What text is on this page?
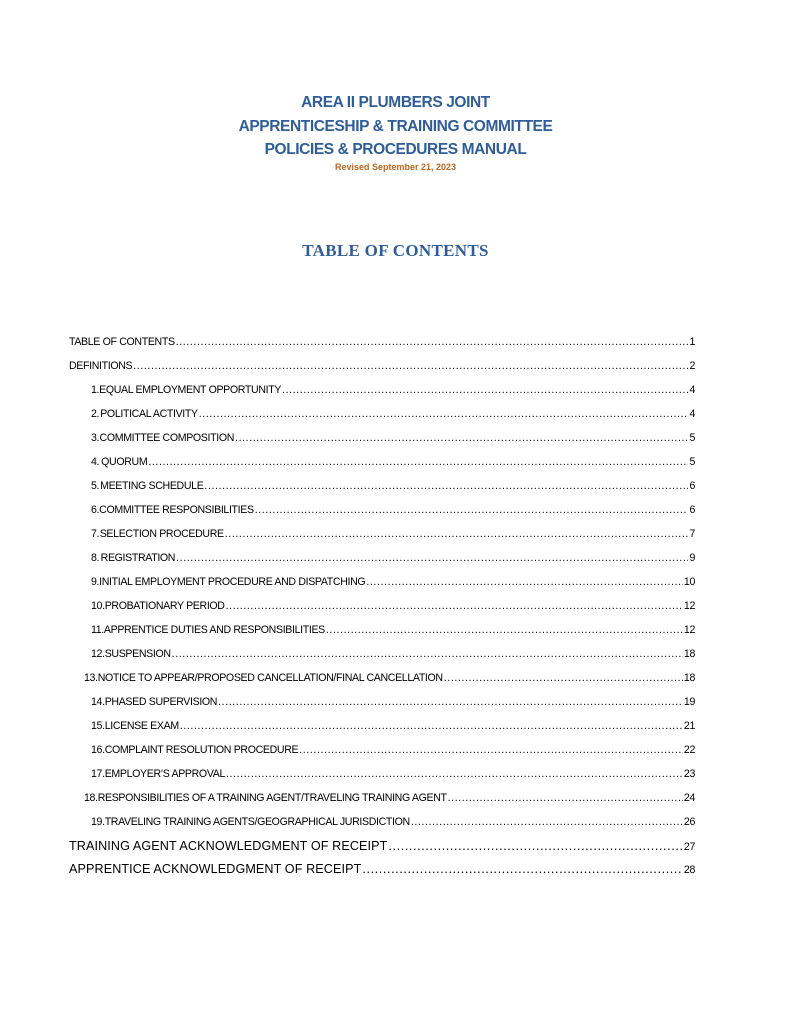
AREA II PLUMBERS JOINT
APPRENTICESHIP & TRAINING COMMITTEE
POLICIES & PROCEDURES MANUAL
Revised September 21, 2023
TABLE OF CONTENTS
TABLE OF CONTENTS .....	1
DEFINITIONS .....	2
1. EQUAL EMPLOYMENT OPPORTUNITY .....	4
2. POLITICAL ACTIVITY .....	4
3. COMMITTEE COMPOSITION .....	5
4. QUORUM .....	5
5. MEETING SCHEDULE .....	6
6. COMMITTEE RESPONSIBILITIES .....	6
7. SELECTION PROCEDURE .....	7
8. REGISTRATION .....	9
9. INITIAL EMPLOYMENT PROCEDURE AND DISPATCHING .....	10
10. PROBATIONARY PERIOD .....	12
11. APPRENTICE DUTIES AND RESPONSIBILITIES .....	12
12. SUSPENSION .....	18
13. NOTICE TO APPEAR/PROPOSED CANCELLATION/FINAL CANCELLATION .....	18
14. PHASED SUPERVISION .....	19
15. LICENSE EXAM .....	21
16. COMPLAINT RESOLUTION PROCEDURE .....	22
17. EMPLOYER’S APPROVAL .....	23
18. RESPONSIBILITIES OF A TRAINING AGENT/TRAVELING TRAINING AGENT .....	24
19. TRAVELING TRAINING AGENTS/GEOGRAPHICAL JURISDICTION .....	26
TRAINING AGENT ACKNOWLEDGMENT OF RECEIPT .....	27
APPRENTICE ACKNOWLEDGMENT OF RECEIPT .....	28
